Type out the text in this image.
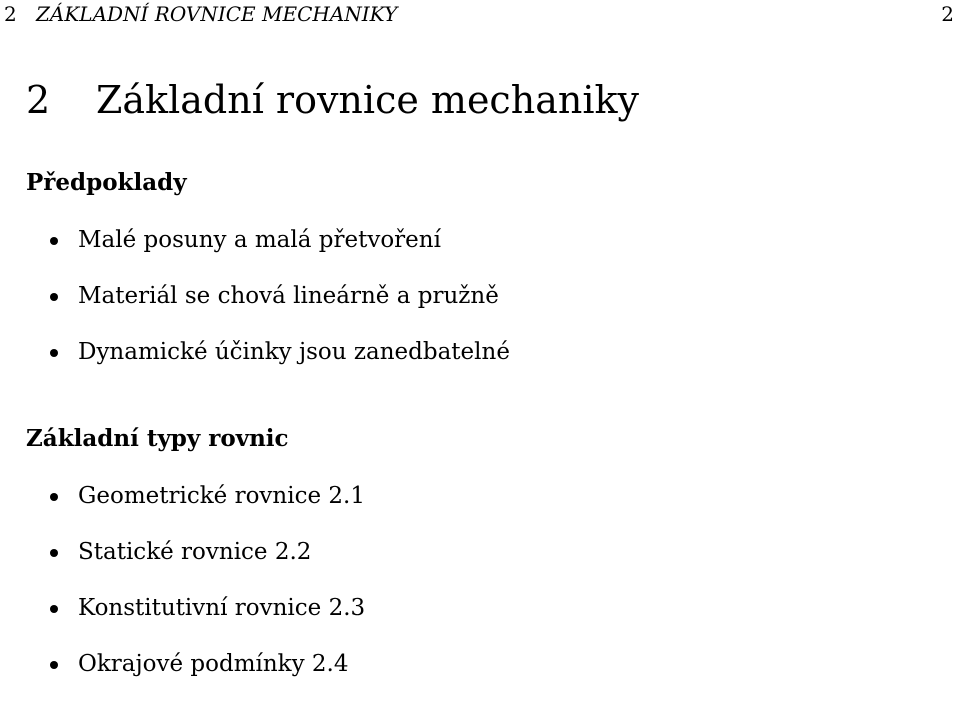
2 ZÁKLADNÍ ROVNICE MECHANIKY	2
2 Základní rovnice mechaniky
Předpoklady
Malé posuny a malá přetvoření
Materiál se chová lineárně a pružně
Dynamické účinky jsou zanedbatelné
Základní typy rovnic
Geometrické rovnice 2.1
Statické rovnice 2.2
Konstitutivní rovnice 2.3
Okrajové podmínky 2.4
